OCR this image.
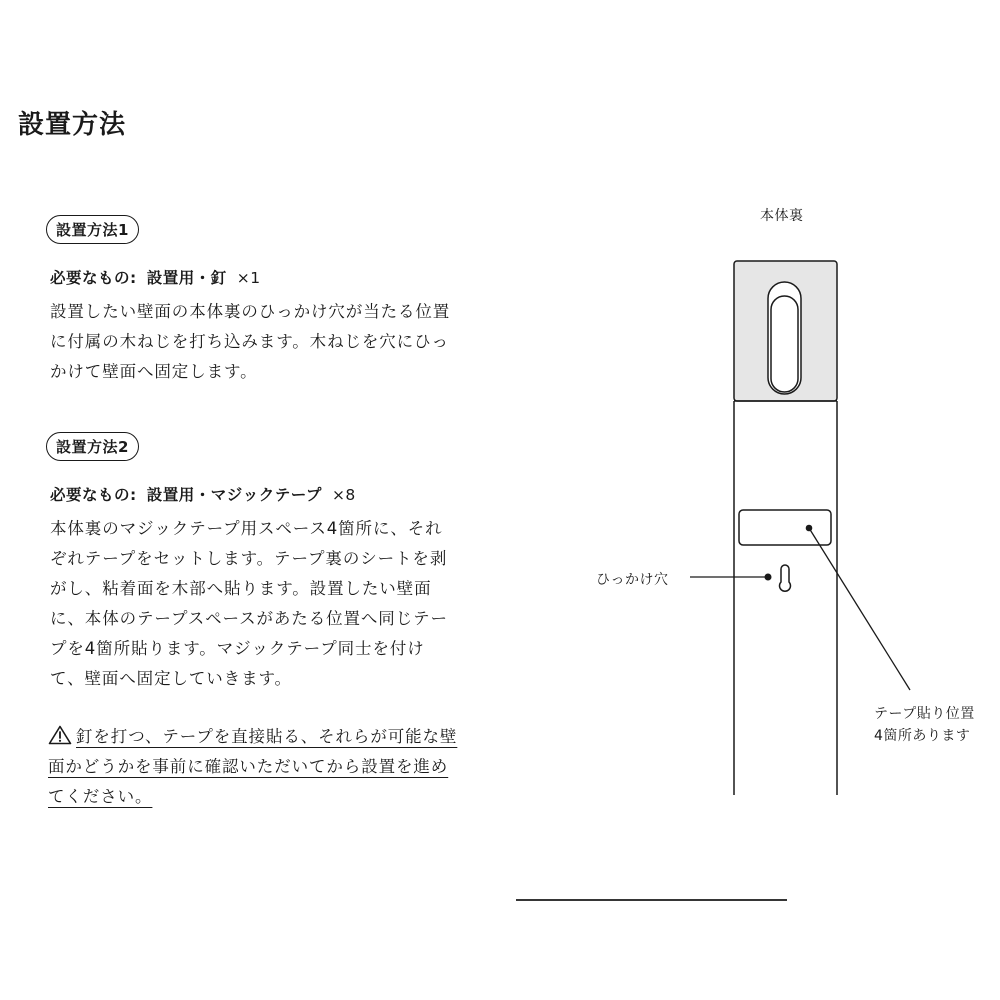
設置方法
設置方法1
必要なもの: 設置用・釘 ×1

設置したい壁面の本体裏のひっかけ穴が当たる位置に付属の木ねじを打ち込みます。木ねじを穴にひっかけて壁面へ固定します。

設置方法2
必要なもの: 設置用・マジックテープ ×8

本体裏のマジックテープ用スペース4箇所に、それぞれテープをセットします。テープ裏のシートを剥がし、粘着面を木部へ貼ります。設置したい壁面に、本体のテープスペースがあたる位置へ同じテープを4箇所貼ります。マジックテープ同士を付けて、壁面へ固定していきます。

釘を打つ、テープを直接貼る、それらが可能な壁面かどうかを事前に確認いただいてから設置を進めてください。
本体裏
ひっかけ穴
テープ貼り位置
4箇所あります
